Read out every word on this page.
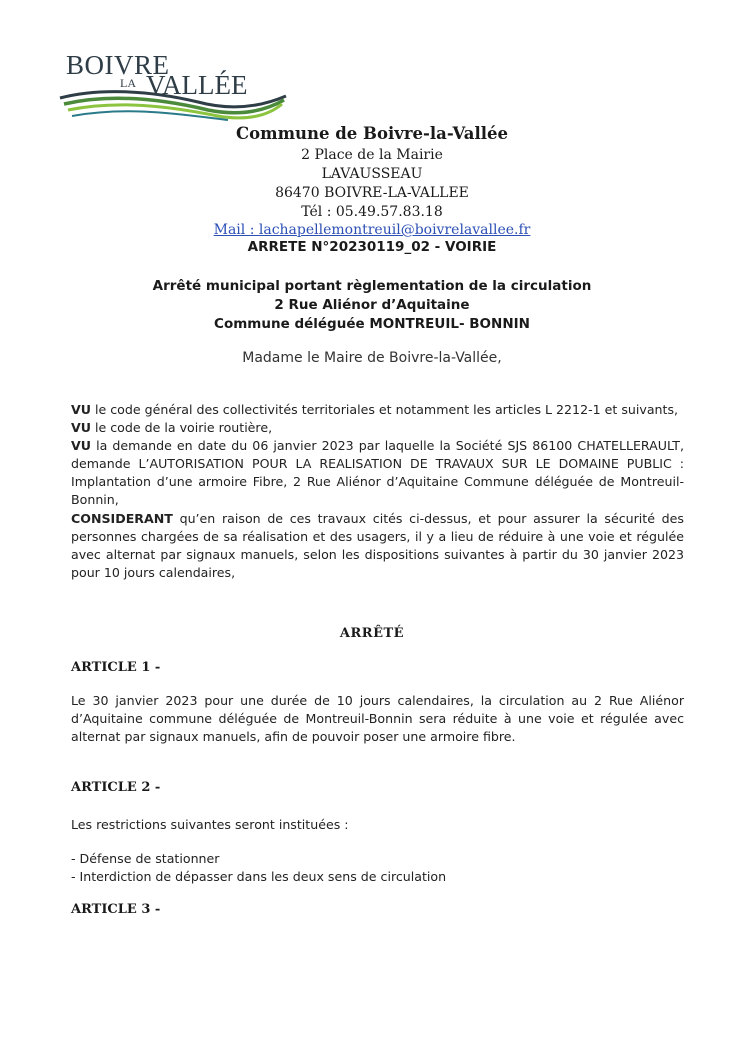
BOIVRE
LA VALLÉE
Commune de Boivre-la-Vallée
2 Place de la Mairie
LAVAUSSEAU
86470 BOIVRE-LA-VALLEE
Tél : 05.49.57.83.18
Mail : lachapellemontreuil@boivrelavallee.fr
ARRETE N°20230119_02 - VOIRIE
Arrêté municipal portant règlementation de la circulation
2 Rue Aliénor d’Aquitaine
Commune déléguée MONTREUIL- BONNIN
Madame le Maire de Boivre-la-Vallée,

VU le code général des collectivités territoriales et notamment les articles L 2212-1 et suivants,

VU le code de la voirie routière,

VU la demande en date du 06 janvier 2023 par laquelle la Société SJS 86100 CHATELLERAULT, demande L’AUTORISATION POUR LA REALISATION DE TRAVAUX SUR LE DOMAINE PUBLIC : Implantation d’une armoire Fibre, 2 Rue Aliénor d’Aquitaine Commune déléguée de Montreuil-Bonnin,

CONSIDERANT qu’en raison de ces travaux cités ci-dessus, et pour assurer la sécurité des personnes chargées de sa réalisation et des usagers, il y a lieu de réduire à une voie et régulée avec alternat par signaux manuels, selon les dispositions suivantes à partir du 30 janvier 2023 pour 10 jours calendaires,

ARRÊTÉ
ARTICLE 1 -
Le 30 janvier 2023 pour une durée de 10 jours calendaires, la circulation au 2 Rue Aliénor d’Aquitaine commune déléguée de Montreuil-Bonnin sera réduite à une voie et régulée avec alternat par signaux manuels, afin de pouvoir poser une armoire fibre.
ARTICLE 2 -
Les restrictions suivantes seront instituées :
- Défense de stationner
- Interdiction de dépasser dans les deux sens de circulation
ARTICLE 3 -
